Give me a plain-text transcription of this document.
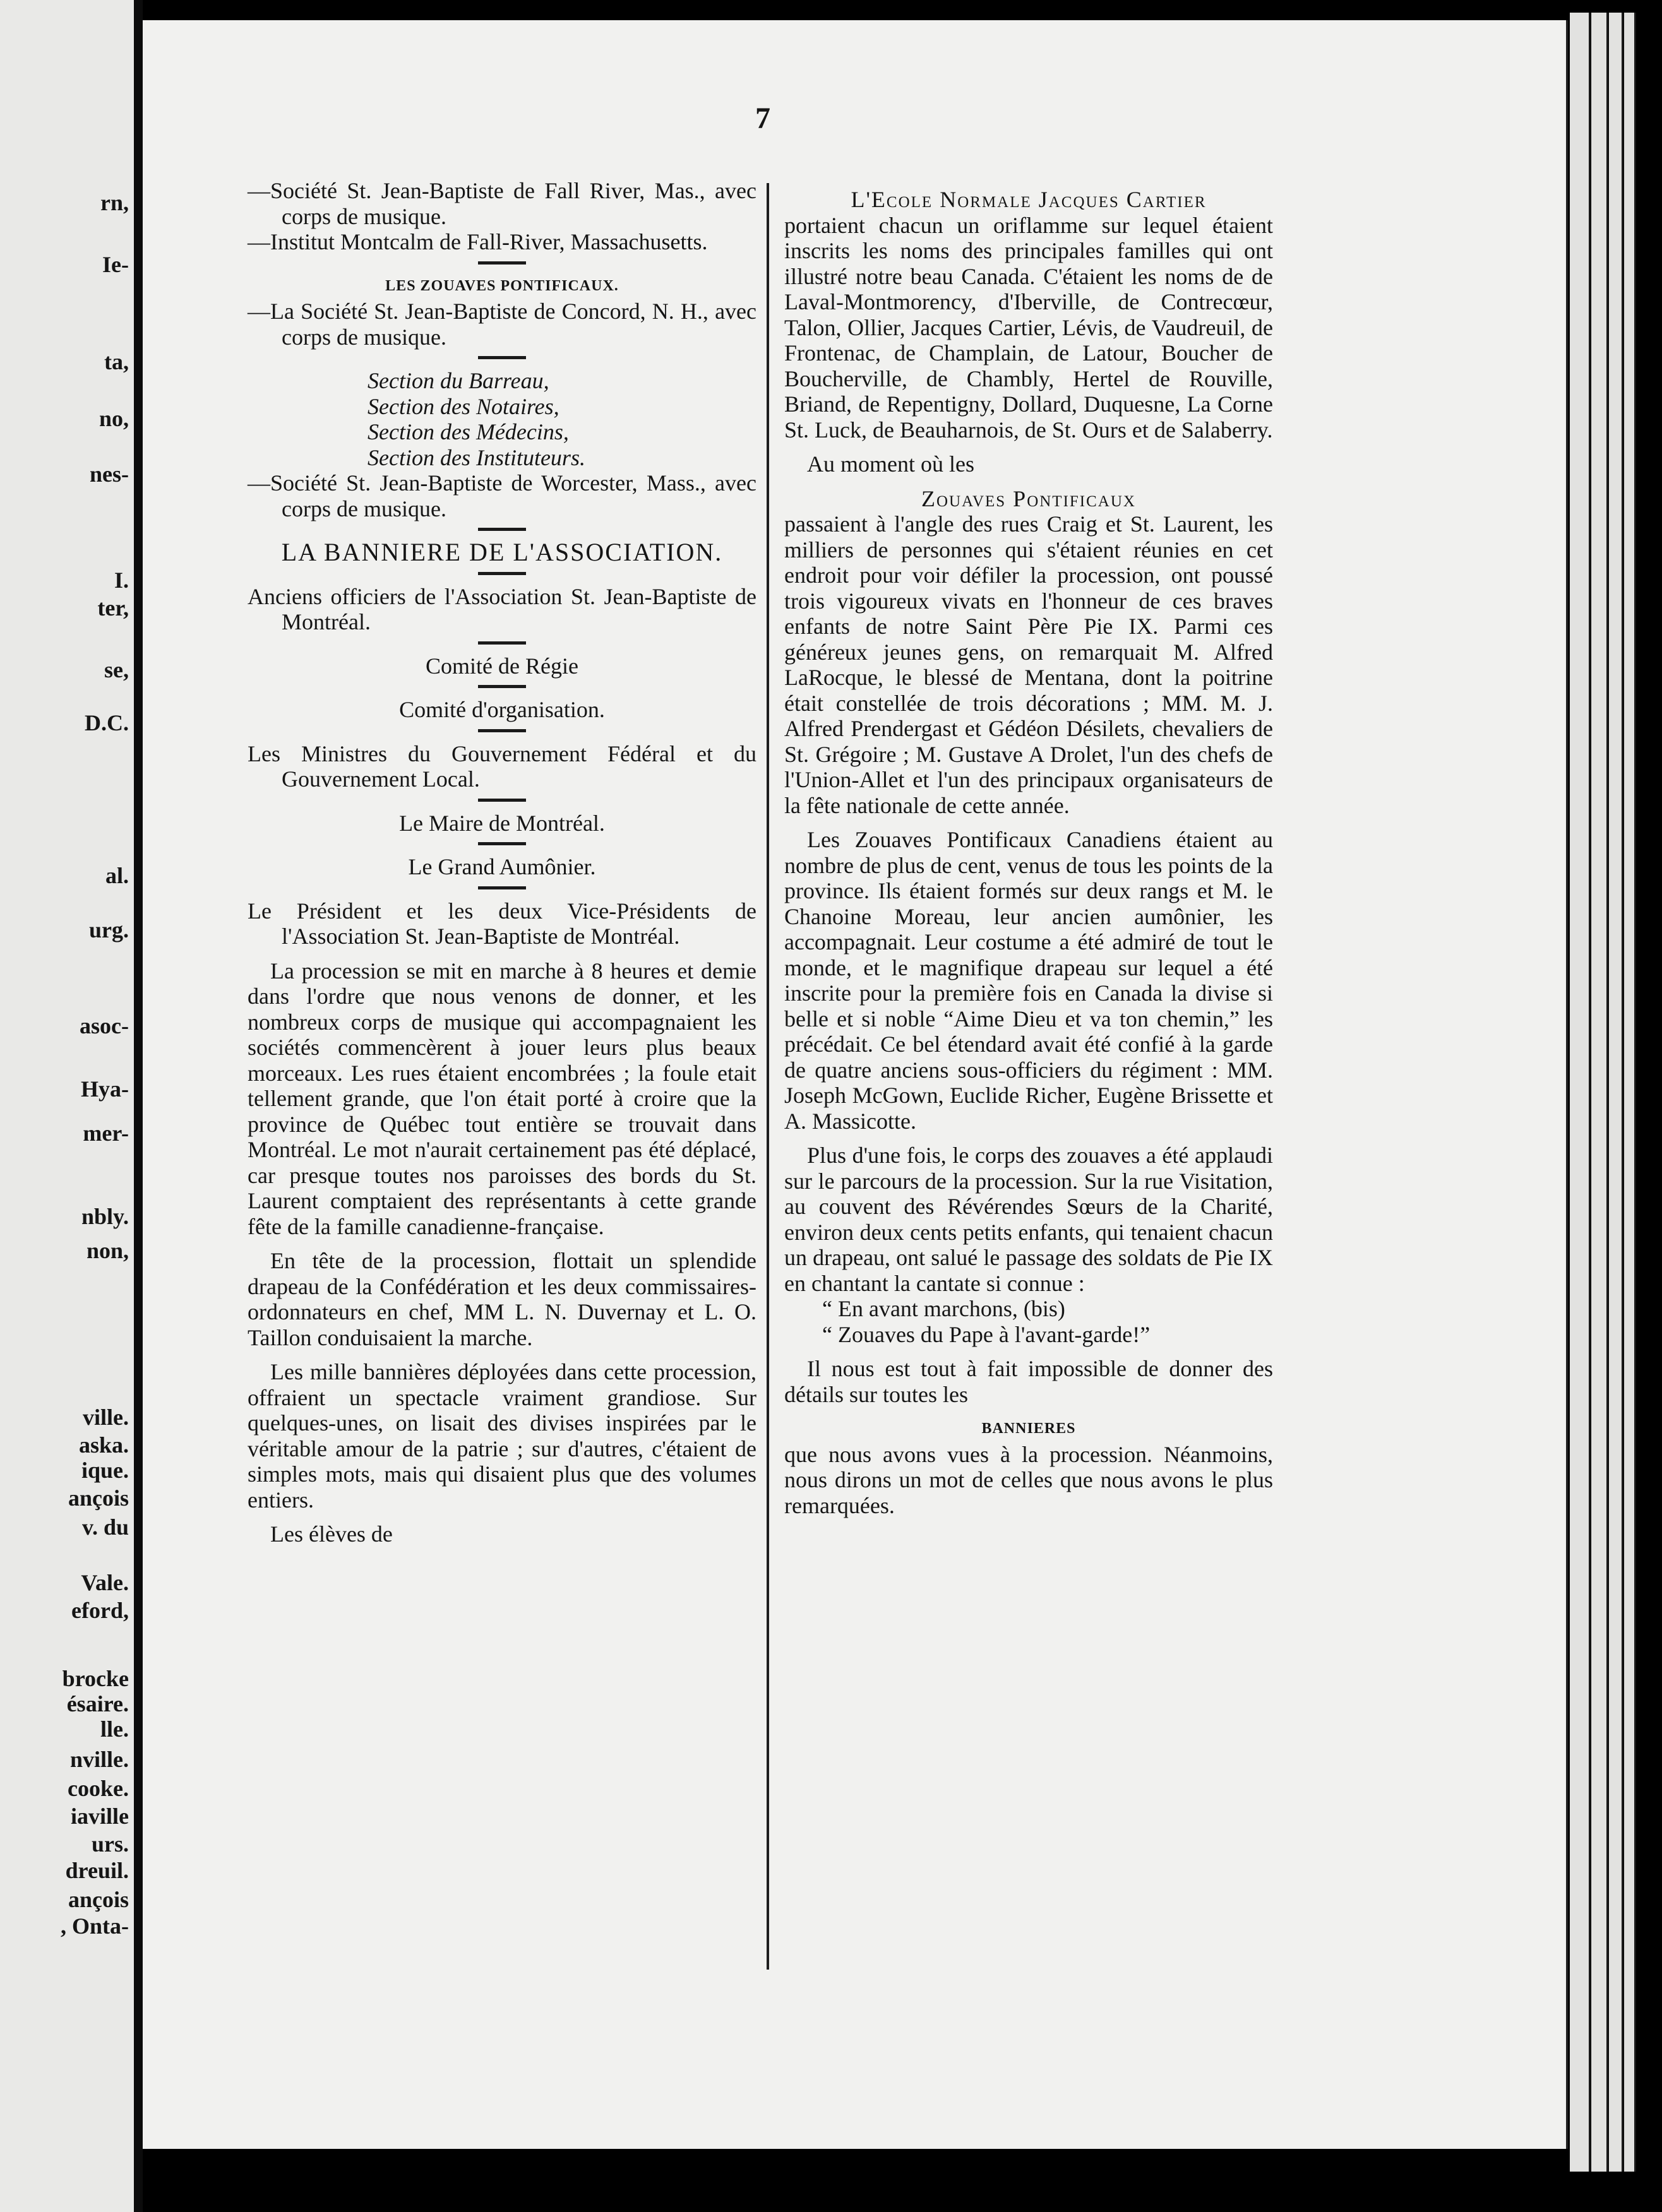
rn,
Ie-
ta,
no,
nes-
I.
ter,
se,
D.C.
al.
urg.
asoc-
Hya-
mer-
nbly.
non,
ville.
aska.
ique.
ançois
v. du
Vale.
eford,
brocke
ésaire.
lle.
nville.
cooke.
iaville
urs.
dreuil.
ançois
, Onta-
7

—Société St. Jean-Baptiste de Fall River, Mas., avec corps de musique.

—Institut Montcalm de Fall-River, Massachusetts.

LES ZOUAVES PONTIFICAUX.

—La Société St. Jean-Baptiste de Concord, N. H., avec corps de musique.

Section du Barreau,

Section des Notaires,

Section des Médecins,

Section des Instituteurs.

—Société St. Jean-Baptiste de Worcester, Mass., avec corps de musique.

LA BANNIERE DE L'ASSOCIATION.

Anciens officiers de l'Association St. Jean-Baptiste de Montréal.

Comité de Régie

Comité d'organisation.

Les Ministres du Gouvernement Fédéral et du Gouvernement Local.

Le Maire de Montréal.

Le Grand Aumônier.

Le Président et les deux Vice-Présidents de l'Association St. Jean-Baptiste de Montréal.

La procession se mit en marche à 8 heures et demie dans l'ordre que nous venons de donner, et les nombreux corps de musique qui accompagnaient les sociétés commencèrent à jouer leurs plus beaux morceaux. Les rues étaient encombrées ; la foule etait tellement grande, que l'on était porté à croire que la province de Québec tout entière se trouvait dans Montréal. Le mot n'aurait certainement pas été déplacé, car presque toutes nos paroisses des bords du St. Laurent comptaient des représentants à cette grande fête de la famille canadienne-française.

En tête de la procession, flottait un splendide drapeau de la Confédération et les deux commissaires-ordonnateurs en chef, MM L. N. Duvernay et L. O. Taillon conduisaient la marche.

Les mille bannières déployées dans cette procession, offraient un spectacle vraiment grandiose. Sur quelques-unes, on lisait des divises inspirées par le véritable amour de la patrie ; sur d'autres, c'étaient de simples mots, mais qui disaient plus que des volumes entiers.

Les élèves de

L'Ecole Normale Jacques Cartier

portaient chacun un oriflamme sur lequel étaient inscrits les noms des principales familles qui ont illustré notre beau Canada. C'étaient les noms de de Laval-Montmorency, d'Iberville, de Contrecœur, Talon, Ollier, Jacques Cartier, Lévis, de Vaudreuil, de Frontenac, de Champlain, de Latour, Boucher de Boucherville, de Chambly, Hertel de Rouville, Briand, de Repentigny, Dollard, Duquesne, La Corne St. Luck, de Beauharnois, de St. Ours et de Salaberry.

Au moment où les

Zouaves Pontificaux

passaient à l'angle des rues Craig et St. Laurent, les milliers de personnes qui s'étaient réunies en cet endroit pour voir défiler la procession, ont poussé trois vigoureux vivats en l'honneur de ces braves enfants de notre Saint Père Pie IX. Parmi ces généreux jeunes gens, on remarquait M. Alfred LaRocque, le blessé de Mentana, dont la poitrine était constellée de trois décorations ; MM. M. J. Alfred Prendergast et Gédéon Désilets, chevaliers de St. Grégoire ; M. Gustave A Drolet, l'un des chefs de l'Union-Allet et l'un des principaux organisateurs de la fête nationale de cette année.

Les Zouaves Pontificaux Canadiens étaient au nombre de plus de cent, venus de tous les points de la province. Ils étaient formés sur deux rangs et M. le Chanoine Moreau, leur ancien aumônier, les accompagnait. Leur costume a été admiré de tout le monde, et le magnifique drapeau sur lequel a été inscrite pour la première fois en Canada la divise si belle et si noble “Aime Dieu et va ton chemin,” les précédait. Ce bel étendard avait été confié à la garde de quatre anciens sous-officiers du régiment : MM. Joseph McGown, Euclide Richer, Eugène Brissette et A. Massicotte.

Plus d'une fois, le corps des zouaves a été applaudi sur le parcours de la procession. Sur la rue Visitation, au couvent des Révérendes Sœurs de la Charité, environ deux cents petits enfants, qui tenaient chacun un drapeau, ont salué le passage des soldats de Pie IX en chantant la cantate si connue :

“ En avant marchons, (bis)

“ Zouaves du Pape à l'avant-garde!”

Il nous est tout à fait impossible de donner des détails sur toutes les

BANNIERES

que nous avons vues à la procession. Néanmoins, nous dirons un mot de celles que nous avons le plus remarquées.
